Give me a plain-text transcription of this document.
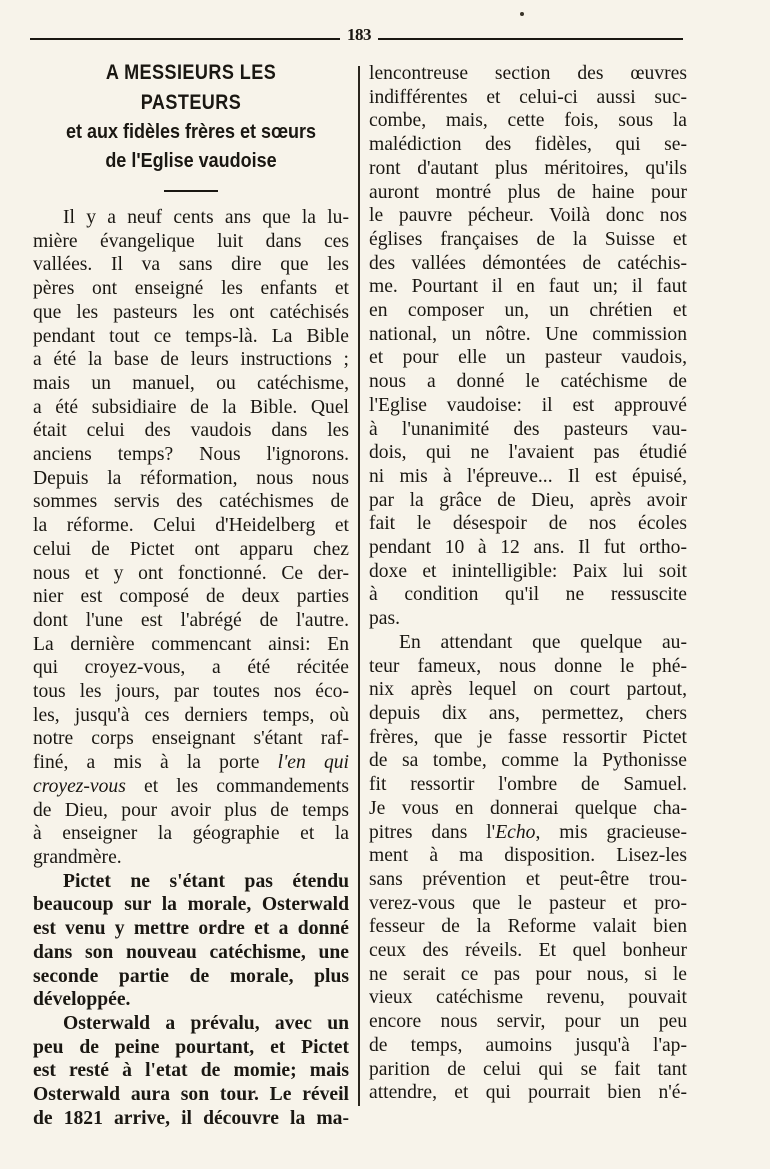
183
A MESSIEURS LES PASTEURS
et aux fidèles frères et sœurs
de l'Eglise vaudoise
Il y a neuf cents ans que la lu-
mière évangelique luit dans ces
vallées. Il va sans dire que les
pères ont enseigné les enfants et
que les pasteurs les ont catéchisés
pendant tout ce temps-là. La Bible
a été la base de leurs instructions ;
mais un manuel, ou catéchisme,
a été subsidiaire de la Bible. Quel
était celui des vaudois dans les
anciens temps? Nous l'ignorons.
Depuis la réformation, nous nous
sommes servis des catéchismes de
la réforme. Celui d'Heidelberg et
celui de Pictet ont apparu chez
nous et y ont fonctionné. Ce der-
nier est composé de deux parties
dont l'une est l'abrégé de l'autre.
La dernière commencant ainsi: En
qui croyez-vous, a été récitée
tous les jours, par toutes nos éco-
les, jusqu'à ces derniers temps, où
notre corps enseignant s'étant raf-
finé, a mis à la porte l'en qui
croyez-vous et les commandements
de Dieu, pour avoir plus de temps
à enseigner la géographie et la
grandmère.
Pictet ne s'étant pas étendu
beaucoup sur la morale, Osterwald
est venu y mettre ordre et a donné
dans son nouveau catéchisme, une
seconde partie de morale, plus
développée.
Osterwald a prévalu, avec un
peu de peine pourtant, et Pictet
est resté à l'etat de momie; mais
Osterwald aura son tour. Le réveil
de 1821 arrive, il découvre la ma-
lencontreuse section des œuvres
indifférentes et celui-ci aussi suc-
combe, mais, cette fois, sous la
malédiction des fidèles, qui se-
ront d'autant plus méritoires, qu'ils
auront montré plus de haine pour
le pauvre pécheur. Voilà donc nos
églises françaises de la Suisse et
des vallées démontées de catéchis-
me. Pourtant il en faut un; il faut
en composer un, un chrétien et
national, un nôtre. Une commission
et pour elle un pasteur vaudois,
nous a donné le catéchisme de
l'Eglise vaudoise: il est approuvé
à l'unanimité des pasteurs vau-
dois, qui ne l'avaient pas étudié
ni mis à l'épreuve... Il est épuisé,
par la grâce de Dieu, après avoir
fait le désespoir de nos écoles
pendant 10 à 12 ans. Il fut ortho-
doxe et inintelligible: Paix lui soit
à condition qu'il ne ressuscite
pas.
En attendant que quelque au-
teur fameux, nous donne le phé-
nix après lequel on court partout,
depuis dix ans, permettez, chers
frères, que je fasse ressortir Pictet
de sa tombe, comme la Pythonisse
fit ressortir l'ombre de Samuel.
Je vous en donnerai quelque cha-
pitres dans l'Echo, mis gracieuse-
ment à ma disposition. Lisez-les
sans prévention et peut-être trou-
verez-vous que le pasteur et pro-
fesseur de la Reforme valait bien
ceux des réveils. Et quel bonheur
ne serait ce pas pour nous, si le
vieux catéchisme revenu, pouvait
encore nous servir, pour un peu
de temps, aumoins jusqu'à l'ap-
parition de celui qui se fait tant
attendre, et qui pourrait bien n'é-
